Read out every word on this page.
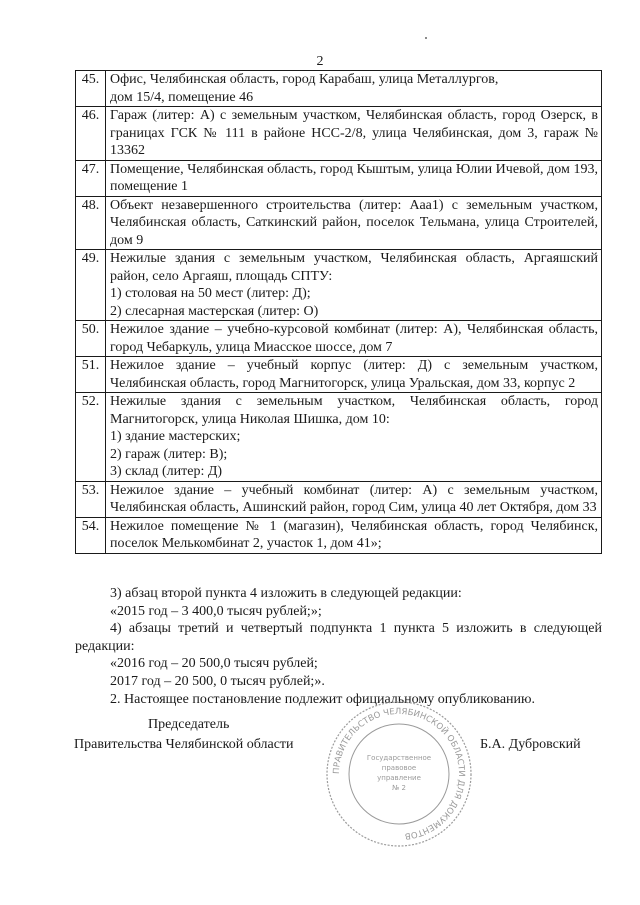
2
45.	Офис, Челябинская область, город Карабаш, улица Металлургов,
дом 15/4, помещение 46

46.	Гараж (литер: А) с земельным участком, Челябинская область, город Озерск, в границах ГСК № 111 в районе НСС-2/8, улица Челябинская, дом 3, гараж № 13362

47.	Помещение, Челябинская область, город Кыштым, улица Юлии Ичевой, дом 193, помещение 1

48.	Объект незавершенного строительства (литер: Ааа1) с земельным участком, Челябинская область, Саткинский район, поселок Тельмана, улица Строителей, дом 9

49.	Нежилые здания с земельным участком, Челябинская область, Аргаяшский район, село Аргаяш, площадь СПТУ:
1) столовая на 50 мест (литер: Д);
2) слесарная мастерская (литер: О)

50.	Нежилое здание – учебно-курсовой комбинат (литер: А), Челябинская область, город Чебаркуль, улица Миасское шоссе, дом 7

51.	Нежилое здание – учебный корпус (литер: Д) с земельным участком, Челябинская область, город Магнитогорск, улица Уральская, дом 33, корпус 2

52.	Нежилые здания с земельным участком, Челябинская область, город Магнитогорск, улица Николая Шишка, дом 10:
1) здание мастерских;
2) гараж (литер: В);
3) склад (литер: Д)

53.	Нежилое здание – учебный комбинат (литер: А) с земельным участком, Челябинская область, Ашинский район, город Сим, улица 40 лет Октября, дом 33

54.	Нежилое помещение № 1 (магазин), Челябинская область, город Челябинск, поселок Мелькомбинат 2, участок 1, дом 41»;

3) абзац второй пункта 4 изложить в следующей редакции:

«2015 год – 3 400,0 тысяч рублей;»;

4) абзацы третий и четвертый подпункта 1 пункта 5 изложить в следующей редакции:

«2016 год – 20 500,0 тысяч рублей;

2017 год – 20 500, 0 тысяч рублей;».

2. Настоящее постановление подлежит официальному опубликованию.

Председатель
Правительства Челябинской области	Б.А. Дубровский
ПРАВИТЕЛЬСТВО ЧЕЛЯБИНСКОЙ ОБЛАСТИ ДЛЯ ДОКУМЕНТОВ
Государственное
правовое
управление
№ 2
